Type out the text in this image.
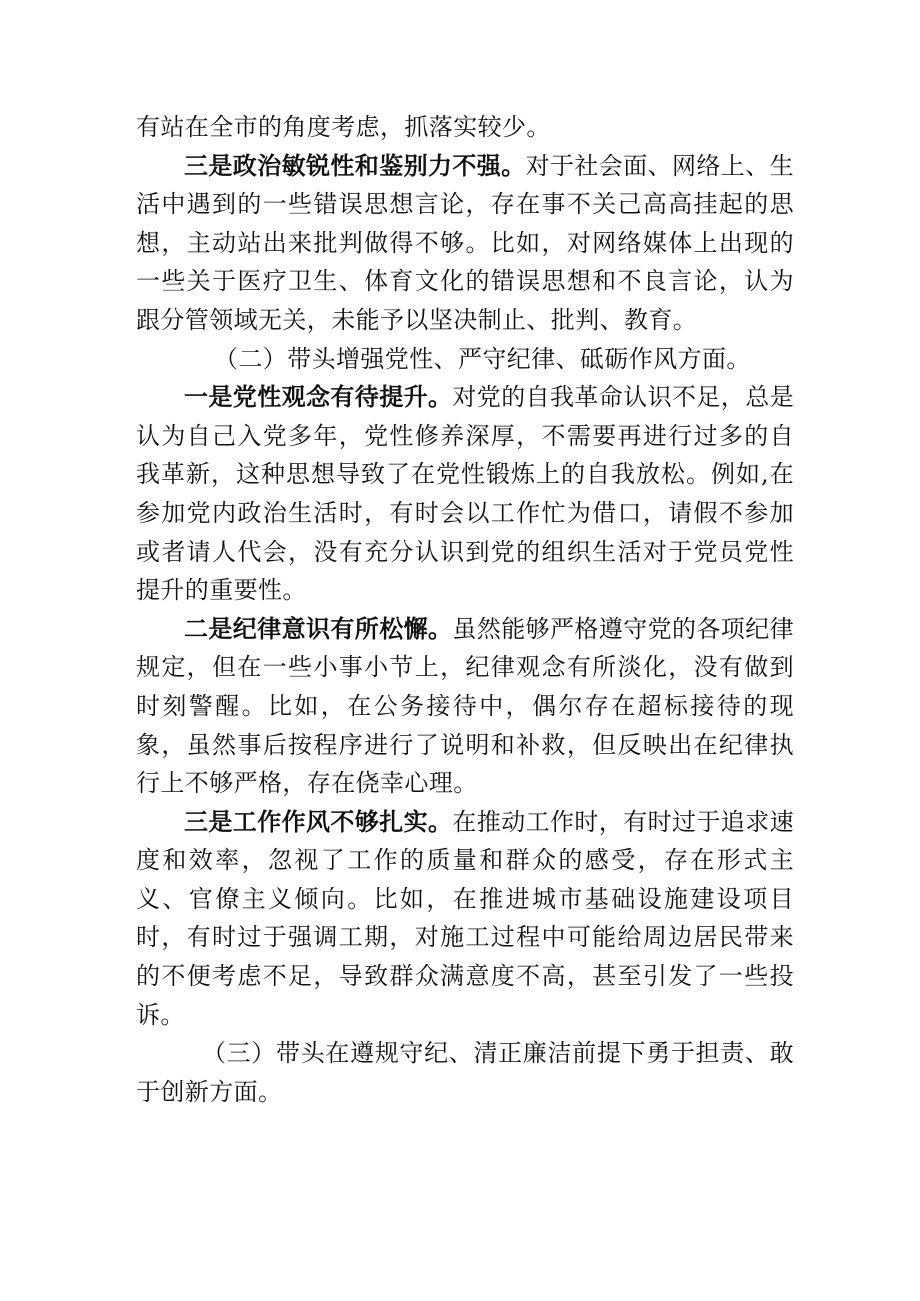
有站在全市的角度考虑，抓落实较少。

三是政治敏锐性和鉴别力不强。对于社会面、网络上、生活中遇到的一些错误思想言论，存在事不关己高高挂起的思想，主动站出来批判做得不够。比如，对网络媒体上出现的一些关于医疗卫生、体育文化的错误思想和不良言论，认为跟分管领域无关，未能予以坚决制止、批判、教育。

（二）带头增强党性、严守纪律、砥砺作风方面。

一是党性观念有待提升。对党的自我革命认识不足，总是认为自己入党多年，党性修养深厚，不需要再进行过多的自我革新，这种思想导致了在党性锻炼上的自我放松。例如,在参加党内政治生活时，有时会以工作忙为借口，请假不参加或者请人代会，没有充分认识到党的组织生活对于党员党性提升的重要性。

二是纪律意识有所松懈。虽然能够严格遵守党的各项纪律规定，但在一些小事小节上，纪律观念有所淡化，没有做到时刻警醒。比如，在公务接待中，偶尔存在超标接待的现象，虽然事后按程序进行了说明和补救，但反映出在纪律执行上不够严格，存在侥幸心理。

三是工作作风不够扎实。在推动工作时，有时过于追求速度和效率，忽视了工作的质量和群众的感受，存在形式主义、官僚主义倾向。比如，在推进城市基础设施建设项目时，有时过于强调工期，对施工过程中可能给周边居民带来的不便考虑不足，导致群众满意度不高，甚至引发了一些投诉。

（三）带头在遵规守纪、清正廉洁前提下勇于担责、敢于创新方面。
